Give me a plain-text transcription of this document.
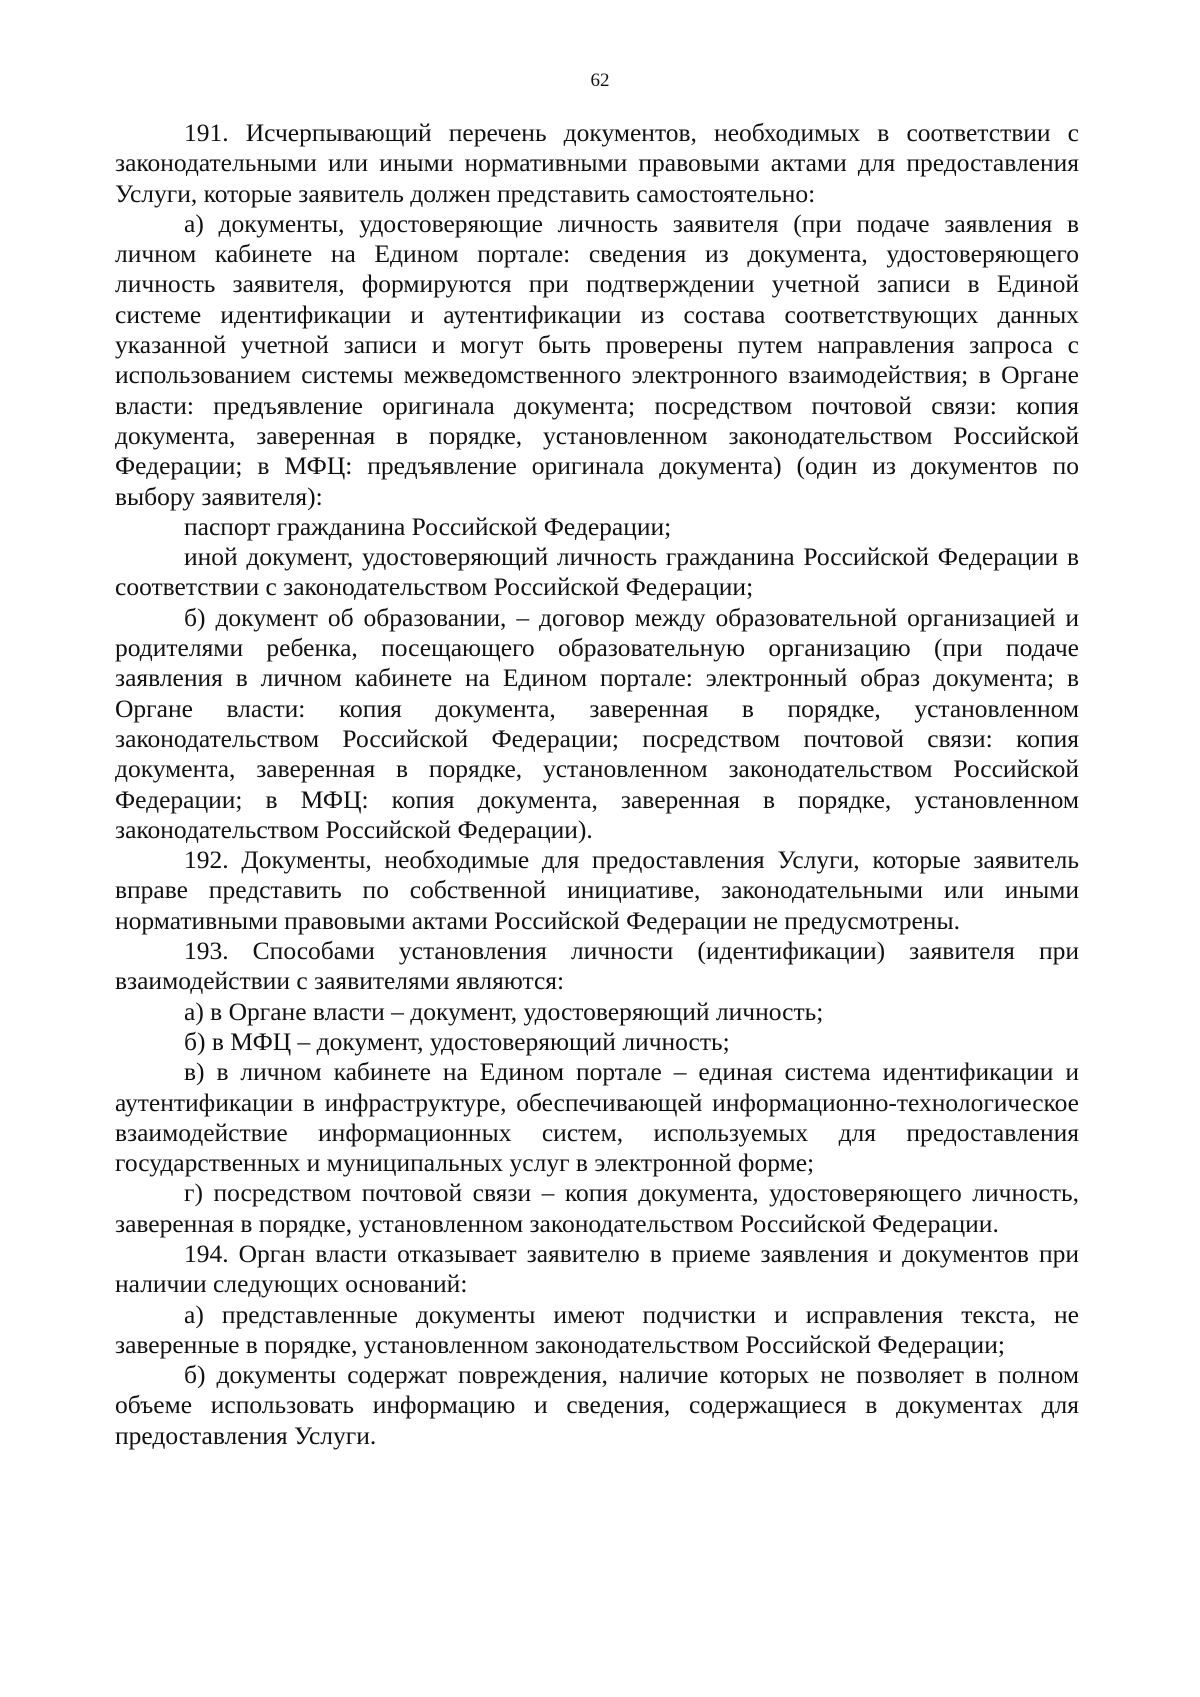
62

191. Исчерпывающий перечень документов, необходимых в соответствии с законодательными или иными нормативными правовыми актами для предоставления Услуги, которые заявитель должен представить самостоятельно:

а) документы, удостоверяющие личность заявителя (при подаче заявления в личном кабинете на Едином портале: сведения из документа, удостоверяющего личность заявителя, формируются при подтверждении учетной записи в Единой системе идентификации и аутентификации из состава соответствующих данных указанной учетной записи и могут быть проверены путем направления запроса с использованием системы межведомственного электронного взаимодействия; в Органе власти: предъявление оригинала документа; посредством почтовой связи: копия документа, заверенная в порядке, установленном законодательством Российской Федерации; в МФЦ: предъявление оригинала документа) (один из документов по выбору заявителя):

паспорт гражданина Российской Федерации;

иной документ, удостоверяющий личность гражданина Российской Федерации в соответствии с законодательством Российской Федерации;

б) документ об образовании, – договор между образовательной организацией и родителями ребенка, посещающего образовательную организацию (при подаче заявления в личном кабинете на Едином портале: электронный образ документа; в Органе власти: копия документа, заверенная в порядке, установленном законодательством Российской Федерации; посредством почтовой связи: копия документа, заверенная в порядке, установленном законодательством Российской Федерации; в МФЦ: копия документа, заверенная в порядке, установленном законодательством Российской Федерации).

192. Документы, необходимые для предоставления Услуги, которые заявитель вправе представить по собственной инициативе, законодательными или иными нормативными правовыми актами Российской Федерации не предусмотрены.

193. Способами установления личности (идентификации) заявителя при взаимодействии с заявителями являются:

а) в Органе власти – документ, удостоверяющий личность;

б) в МФЦ – документ, удостоверяющий личность;

в) в личном кабинете на Едином портале – единая система идентификации и аутентификации в инфраструктуре, обеспечивающей информационно-технологическое взаимодействие информационных систем, используемых для предоставления государственных и муниципальных услуг в электронной форме;

г) посредством почтовой связи – копия документа, удостоверяющего личность, заверенная в порядке, установленном законодательством Российской Федерации.

194. Орган власти отказывает заявителю в приеме заявления и документов при наличии следующих оснований:

а) представленные документы имеют подчистки и исправления текста, не заверенные в порядке, установленном законодательством Российской Федерации;

б) документы содержат повреждения, наличие которых не позволяет в полном объеме использовать информацию и сведения, содержащиеся в документах для предоставления Услуги.
